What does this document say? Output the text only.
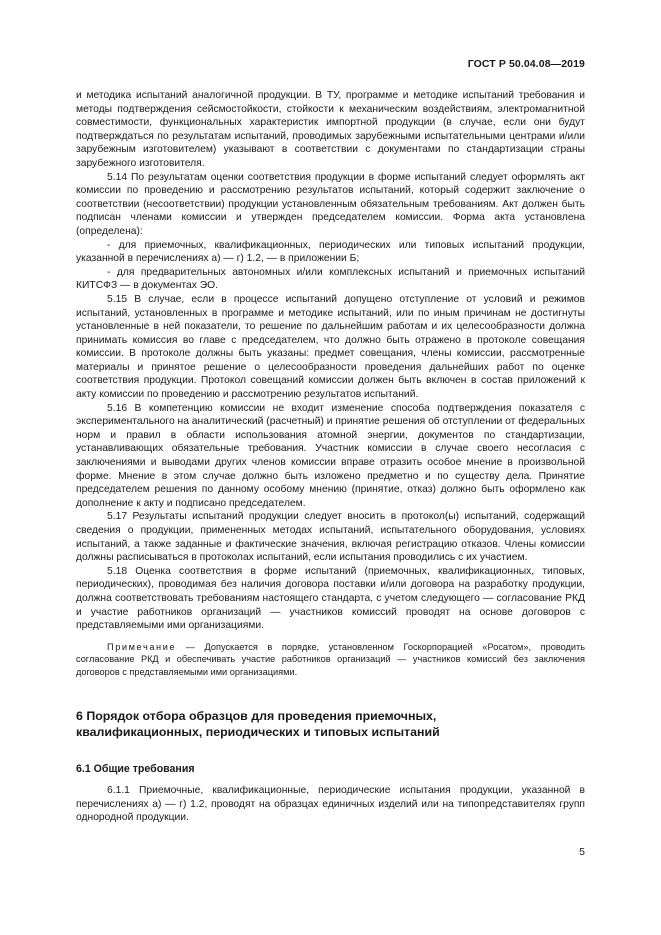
ГОСТ Р 50.04.08—2019

и методика испытаний аналогичной продукции. В ТУ, программе и методике испытаний требования и методы подтверждения сейсмостойкости, стойкости к механическим воздействиям, электромагнитной совместимости, функциональных характеристик импортной продукции (в случае, если они будут подтверждаться по результатам испытаний, проводимых зарубежными испытательными центрами и/или зарубежным изготовителем) указывают в соответствии с документами по стандартизации страны зарубежного изготовителя.

5.14 По результатам оценки соответствия продукции в форме испытаний следует оформлять акт комиссии по проведению и рассмотрению результатов испытаний, который содержит заключение о соответствии (несоответствии) продукции установленным обязательным требованиям. Акт должен быть подписан членами комиссии и утвержден председателем комиссии. Форма акта установлена (определена):

- для приемочных, квалификационных, периодических или типовых испытаний продукции, указанной в перечислениях а) — г) 1.2, — в приложении Б;

- для предварительных автономных и/или комплексных испытаний и приемочных испытаний КИТСФЗ — в документах ЭО.

5.15 В случае, если в процессе испытаний допущено отступление от условий и режимов испытаний, установленных в программе и методике испытаний, или по иным причинам не достигнуты установленные в ней показатели, то решение по дальнейшим работам и их целесообразности должна принимать комиссия во главе с председателем, что должно быть отражено в протоколе совещания комиссии. В протоколе должны быть указаны: предмет совещания, члены комиссии, рассмотренные материалы и принятое решение о целесообразности проведения дальнейших работ по оценке соответствия продукции. Протокол совещаний комиссии должен быть включен в состав приложений к акту комиссии по проведению и рассмотрению результатов испытаний.

5.16 В компетенцию комиссии не входит изменение способа подтверждения показателя с экспериментального на аналитический (расчетный) и принятие решения об отступлении от федеральных норм и правил в области использования атомной энергии, документов по стандартизации, устанавливающих обязательные требования. Участник комиссии в случае своего несогласия с заключениями и выводами других членов комиссии вправе отразить особое мнение в произвольной форме. Мнение в этом случае должно быть изложено предметно и по существу дела. Принятие председателем решения по данному особому мнению (принятие, отказ) должно быть оформлено как дополнение к акту и подписано председателем.

5.17 Результаты испытаний продукции следует вносить в протокол(ы) испытаний, содержащий сведения о продукции, примененных методах испытаний, испытательного оборудования, условиях испытаний, а также заданные и фактические значения, включая регистрацию отказов. Члены комиссии должны расписываться в протоколах испытаний, если испытания проводились с их участием.

5.18 Оценка соответствия в форме испытаний (приемочных, квалификационных, типовых, периодических), проводимая без наличия договора поставки и/или договора на разработку продукции, должна соответствовать требованиям настоящего стандарта, с учетом следующего — согласование РКД и участие работников организаций — участников комиссий проводят на основе договоров с представляемыми ими организациями.

Примечание — Допускается в порядке, установленном Госкорпорацией «Росатом», проводить согласование РКД и обеспечивать участие работников организаций — участников комиссий без заключения договоров с представляемыми ими организациями.

6 Порядок отбора образцов для проведения приемочных,
квалификационных, периодических и типовых испытаний

6.1 Общие требования

6.1.1 Приемочные, квалификационные, периодические испытания продукции, указанной в перечислениях а) — г) 1.2, проводят на образцах единичных изделий или на типопредставителях групп однородной продукции.

5
